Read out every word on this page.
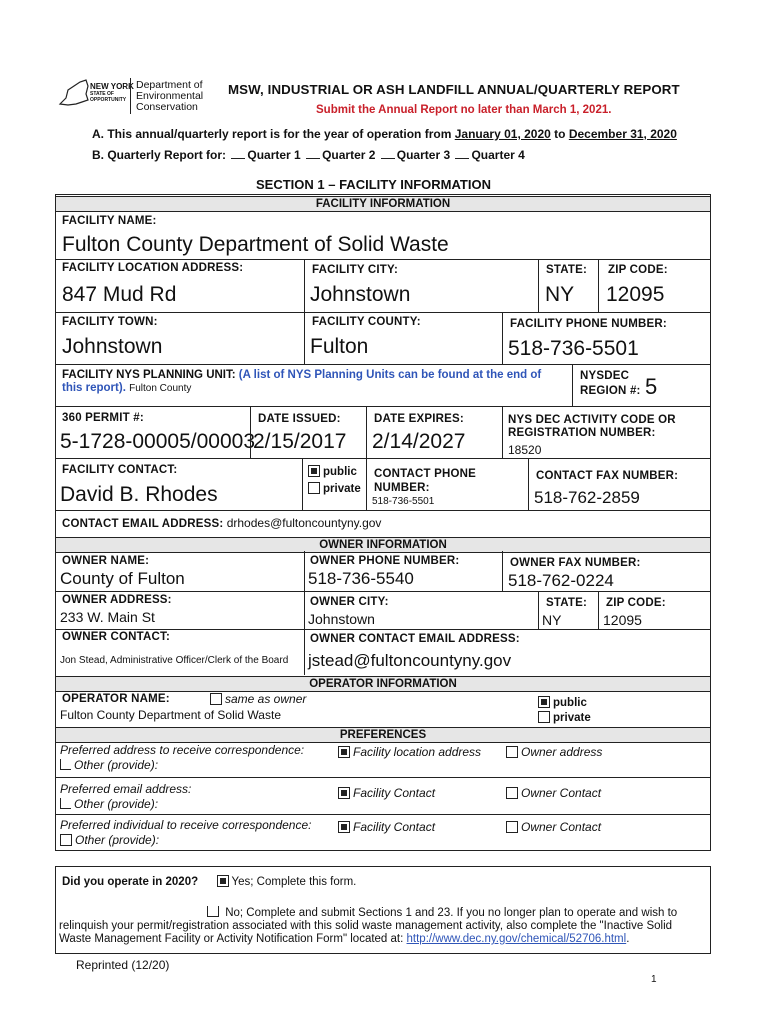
NEW YORK
STATE OF OPPORTUNITY
Department of Environmental Conservation
MSW, INDUSTRIAL OR ASH LANDFILL ANNUAL/QUARTERLY REPORT
Submit the Annual Report no later than March 1, 2021.
A. This annual/quarterly report is for the year of operation from January 01, 2020 to December 31, 2020
B. Quarterly Report for: Quarter 1 Quarter 2 Quarter 3 Quarter 4
SECTION 1 – FACILITY INFORMATION
FACILITY INFORMATION
FACILITY NAME:
Fulton County Department of Solid Waste
FACILITY LOCATION ADDRESS:
847 Mud Rd
FACILITY CITY:
Johnstown
STATE:
NY
ZIP CODE:
12095
FACILITY TOWN:
Johnstown
FACILITY COUNTY:
Fulton
FACILITY PHONE NUMBER:
518-736-5501
FACILITY NYS PLANNING UNIT: (A list of NYS Planning Units can be found at the end of this report). Fulton County
NYSDEC
REGION #: 5
360 PERMIT #:
5-1728-00005/00003
DATE ISSUED:
2/15/2017
DATE EXPIRES:
2/14/2027
NYS DEC ACTIVITY CODE OR REGISTRATION NUMBER:
18520
FACILITY CONTACT:
David B. Rhodes
public
private
CONTACT PHONE NUMBER:
518-736-5501
CONTACT FAX NUMBER:
518-762-2859
CONTACT EMAIL ADDRESS: drhodes@fultoncountyny.gov
OWNER INFORMATION
OWNER NAME:
County of Fulton
OWNER PHONE NUMBER:
518-736-5540
OWNER FAX NUMBER:
518-762-0224
OWNER ADDRESS:
233 W. Main St
OWNER CITY:
Johnstown
STATE:
NY
ZIP CODE:
12095
OWNER CONTACT:
Jon Stead, Administrative Officer/Clerk of the Board
OWNER CONTACT EMAIL ADDRESS:
jstead@fultoncountyny.gov
OPERATOR INFORMATION
OPERATOR NAME:	same as owner
Fulton County Department of Solid Waste
public
private
PREFERENCES
Preferred address to receive correspondence:
Other (provide):
Facility location address	Owner address
Preferred email address:
Other (provide):
Facility Contact	Owner Contact
Preferred individual to receive correspondence:
Other (provide):
Facility Contact	Owner Contact
Did you operate in 2020?	Yes; Complete this form.
No; Complete and submit Sections 1 and 23. If you no longer plan to operate and wish to relinquish your permit/registration associated with this solid waste management activity, also complete the "Inactive Solid Waste Management Facility or Activity Notification Form" located at: http://www.dec.ny.gov/chemical/52706.html.
Reprinted (12/20)
1
